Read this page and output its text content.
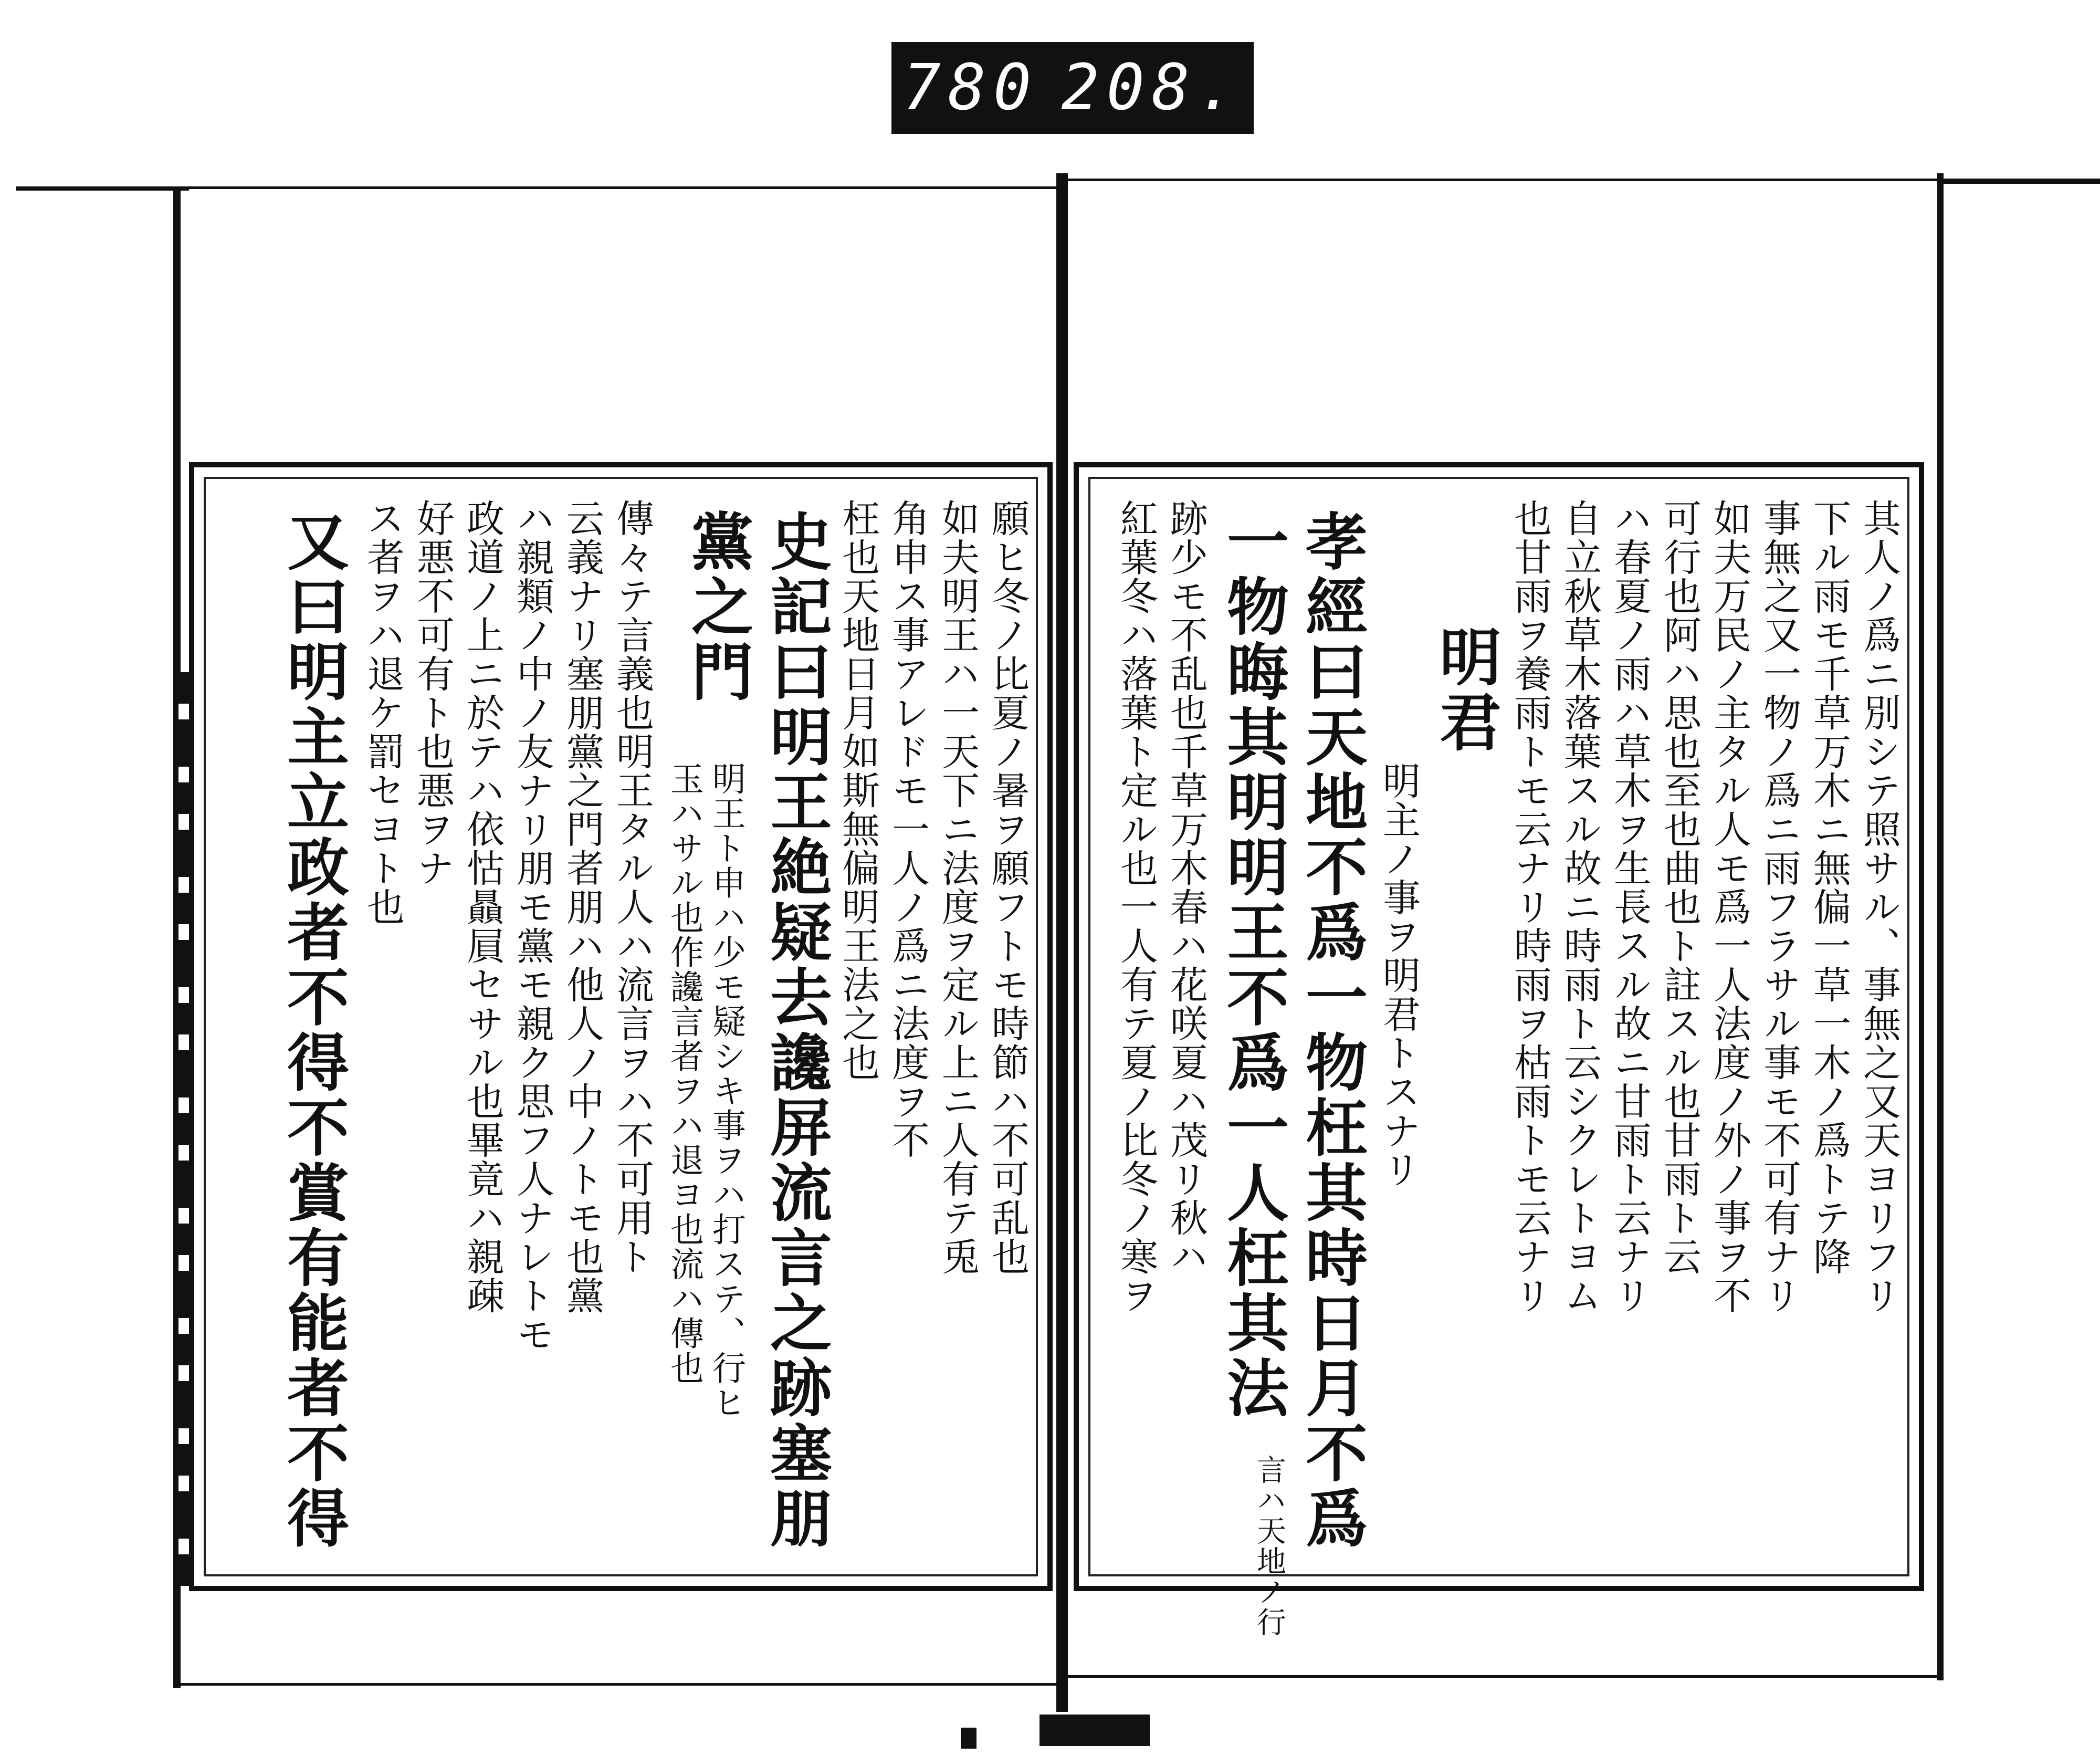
780 208.
其人ノ爲ニ別シテ照サル、事無之又天ヨリフリ
下ル雨モ千草万木ニ無偏一草一木ノ爲トテ降
事無之又一物ノ爲ニ雨フラサル事モ不可有ナリ
如夫万民ノ主タル人モ爲一人法度ノ外ノ事ヲ不
可行也阿ハ思也至也曲也ト註スル也甘雨ト云
ハ春夏ノ雨ハ草木ヲ生長スル故ニ甘雨ト云ナリ
自立秋草木落葉スル故ニ時雨ト云シクレトヨム
也甘雨ヲ養雨トモ云ナリ時雨ヲ枯雨トモ云ナリ
明君
明主ノ事ヲ明君トスナリ
孝經曰天地不爲一物枉其時日月不爲
一物晦其明明王不爲一人枉其法
言ハ天地ノ行
跡少モ不乱也千草万木春ハ花咲夏ハ茂リ秋ハ
紅葉冬ハ落葉ト定ル也一人有テ夏ノ比冬ノ寒ヲ
願ヒ冬ノ比夏ノ暑ヲ願フトモ時節ハ不可乱也
如夫明王ハ一天下ニ法度ヲ定ル上ニ人有テ兎
角申ス事アレドモ一人ノ爲ニ法度ヲ不
枉也天地日月如斯無偏明王法之也
史記曰明王絶疑去讒屏流言之跡塞朋
黨之門
明王ト申ハ少モ疑シキ事ヲハ打ステ、行ヒ
玉ハサル也作讒言者ヲハ退ヨ也流ハ傳也
傳々テ言義也明王タル人ハ流言ヲハ不可用ト
云義ナリ塞朋黨之門者朋ハ他人ノ中ノトモ也黨
ハ親類ノ中ノ友ナリ朋モ黨モ親ク思フ人ナレトモ
政道ノ上ニ於テハ依怙贔屓セサル也畢竟ハ親疎
好悪不可有ト也悪ヲナ
ス者ヲハ退ケ罰セヨト也
又曰明主立政者不得不賞有能者不得
